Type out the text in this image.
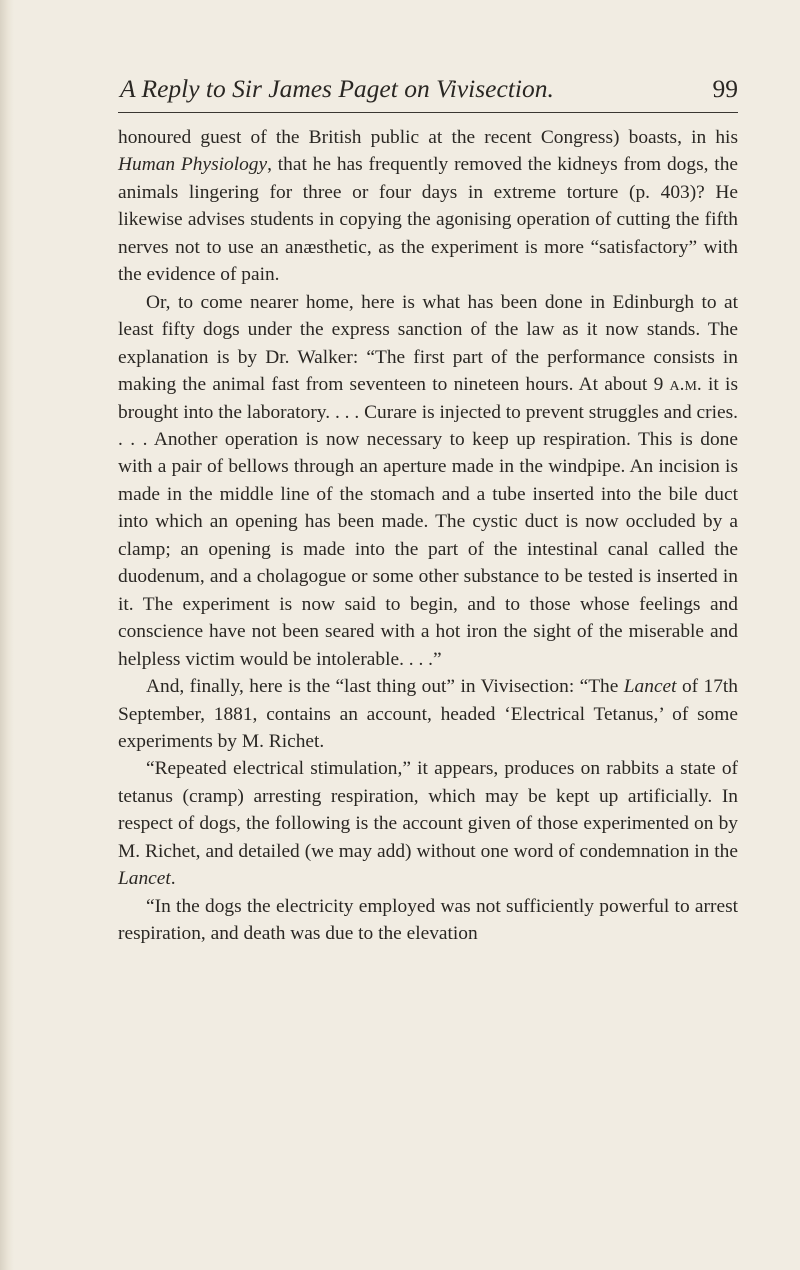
A Reply to Sir James Paget on Vivisection.	99

honoured guest of the British public at the recent Congress) boasts, in his Human Physiology, that he has frequently removed the kidneys from dogs, the animals lingering for three or four days in extreme torture (p. 403)? He likewise advises students in copying the agonising operation of cutting the fifth nerves not to use an anæsthetic, as the experiment is more “satisfactory” with the evidence of pain.

Or, to come nearer home, here is what has been done in Edinburgh to at least fifty dogs under the express sanction of the law as it now stands. The explanation is by Dr. Walker: “The first part of the performance consists in making the animal fast from seventeen to nineteen hours. At about 9 a.m. it is brought into the laboratory. . . . Curare is injected to prevent struggles and cries. . . . Another operation is now necessary to keep up respiration. This is done with a pair of bellows through an aperture made in the windpipe. An incision is made in the middle line of the stomach and a tube inserted into the bile duct into which an opening has been made. The cystic duct is now occluded by a clamp; an opening is made into the part of the intestinal canal called the duodenum, and a cholagogue or some other substance to be tested is inserted in it. The experiment is now said to begin, and to those whose feelings and conscience have not been seared with a hot iron the sight of the miserable and helpless victim would be intolerable. . . .”

And, finally, here is the “last thing out” in Vivisection: “The Lancet of 17th September, 1881, contains an account, headed ‘Electrical Tetanus,’ of some experiments by M. Richet.

“Repeated electrical stimulation,” it appears, produces on rabbits a state of tetanus (cramp) arresting respiration, which may be kept up artificially. In respect of dogs, the following is the account given of those experimented on by M. Richet, and detailed (we may add) without one word of condemnation in the Lancet.

“In the dogs the electricity employed was not sufficiently powerful to arrest respiration, and death was due to the elevation
